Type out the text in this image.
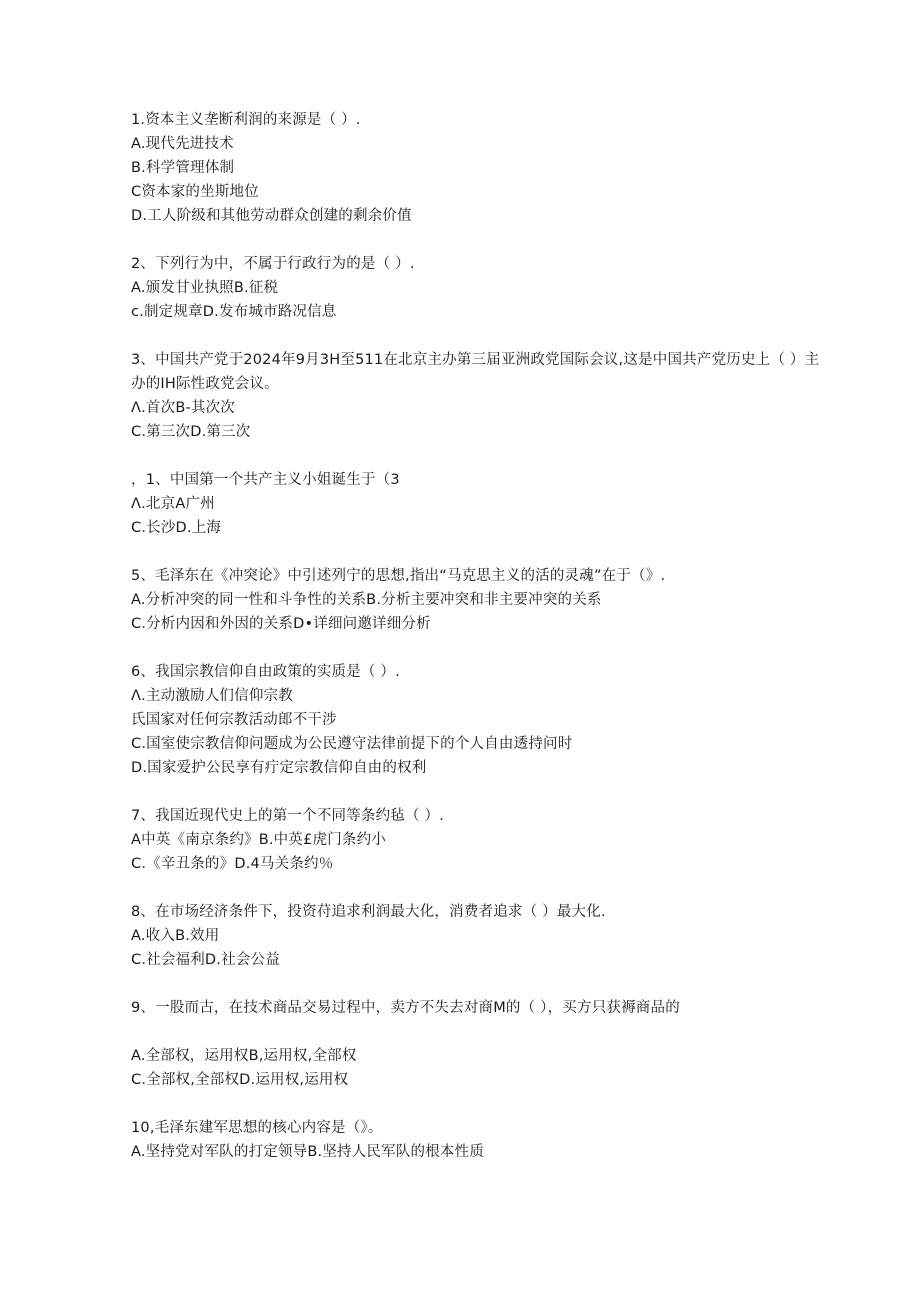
1.资本主义垄断利润的来源是（ ）.
A.现代先进技术
B.科学管理体制
C资本家的坐斯地位
D.工人阶级和其他劳动群众创建的剩余价值
2、下列行为中，不属于行政行为的是（ ）.
A.颁发甘业执照B.征税
c.制定规章D.发布城市路况信息
3、中国共产党于2024年9月3H至511在北京主办第三届亚洲政党国际会议,这是中国共产党历史上（ ）主办的IH际性政党会议。
Λ.首次B-其次次
C.第三次D.第三次
，1、中国第一个共产主义小姐诞生于（3
Λ.北京A广州
C.长沙D.上海
5、毛泽东在《冲突论》中引述列宁的思想,指出“马克思主义的活的灵魂”在于（》.
A.分析冲突的同一性和斗争性的关系B.分析主要冲突和非主要冲突的关系
C.分析内因和外因的关系D•详细问邀详细分析
6、我国宗教信仰自由政策的实质是（ ）.
Λ.主动激励人们信仰宗教
氏国家对任何宗教活动郎不干涉
C.国室使宗教信仰问题成为公民遵守法律前提下的个人自由透持问时
D.国家爱护公民享有疔定宗教信仰自由的权利
7、我国近现代史上的第一个不同等条约毡（ ）.
A中英《南京条约》B.中英£虎门条约小
C.《辛丑条的》D.4马关条约％
8、在市场经济条件下，投资苻追求利润最大化，消费者追求（ ）最大化.
A.收入B.效用
C.社会福利D.社会公益
9、一股而古，在技术商品交易过程中，卖方不失去对商M的（ ），买方只获褥商品的
A.全部权，运用权B,运用权,全部权
C.全部权,全部权D.运用权,运用权
10,毛泽东建军思想的核心内容是（》。
A.坚持党对军队的打定领导B.坚持人民军队的根本性质
